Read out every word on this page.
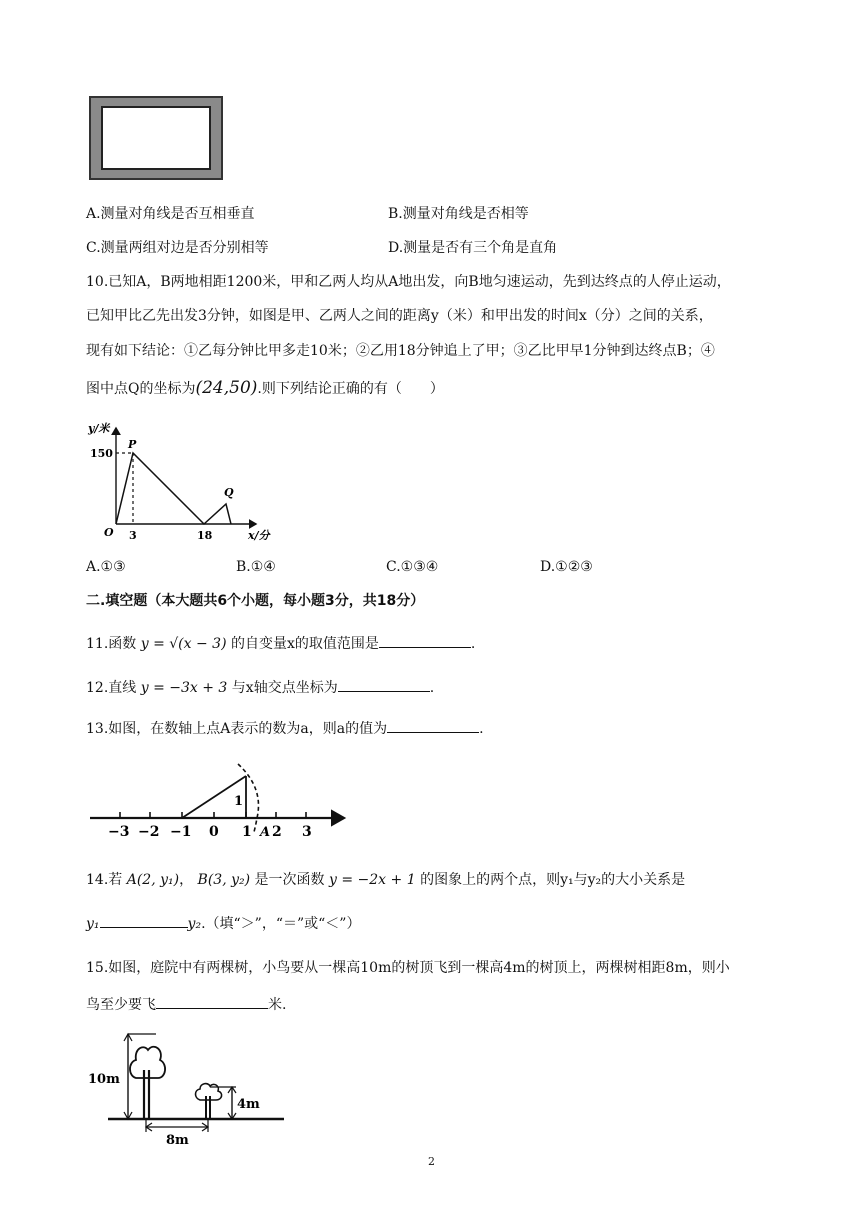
A.测量对角线是否互相垂直	B.测量对角线是否相等
C.测量两组对边是否分别相等	D.测量是否有三个角是直角
10.已知A，B两地相距1200米，甲和乙两人均从A地出发，向B地匀速运动，先到达终点的人停止运动，
已知甲比乙先出发3分钟，如图是甲、乙两人之间的距离y（米）和甲出发的时间x（分）之间的关系，
现有如下结论：①乙每分钟比甲多走10米；②乙用18分钟追上了甲；③乙比甲早1分钟到达终点B；④
图中点Q的坐标为(24,50).则下列结论正确的有（　　）
y/米
150
P
Q
O 3	18	x/分
A.①③	B.①④	C.①③④	D.①②③
二.填空题（本大题共6个小题，每小题3分，共18分）
11.函数 y = √(x − 3) 的自变量x的取值范围是	.
12.直线 y = −3x + 3 与x轴交点坐标为	.
13.如图，在数轴上点A表示的数为a，则a的值为	.
1
−3 −2 −1 0 1 A 2 3
14.若 A(2, y₁)， B(3, y₂) 是一次函数 y = −2x + 1 的图象上的两个点，则y₁与y₂的大小关系是
y₁	y₂.（填“＞”，“＝”或“＜”）
15.如图，庭院中有两棵树，小鸟要从一棵高10m的树顶飞到一棵高4m的树顶上，两棵树相距8m，则小
鸟至少要飞	米.
10m
4m
8m
2
